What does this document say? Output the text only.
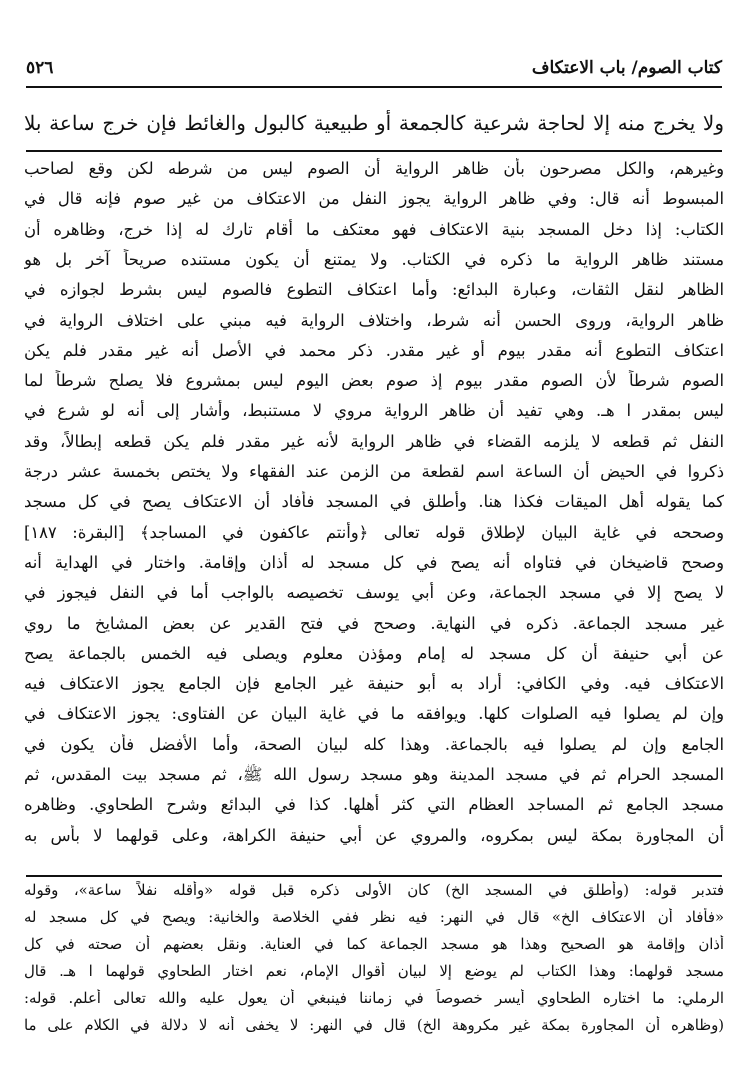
كتاب الصوم/ باب الاعتكاف
٥٢٦
ولا يخرج منه إلا لحاجة شرعية كالجمعة أو طبيعية كالبول والغائط فإن خرج ساعة بلا
وغيرهم، والكل مصرحون بأن ظاهر الرواية أن الصوم ليس من شرطه لكن وقع لصاحب
المبسوط أنه قال: وفي ظاهر الرواية يجوز النفل من الاعتكاف من غير صوم فإنه قال في
الكتاب: إذا دخل المسجد بنية الاعتكاف فهو معتكف ما أقام تارك له إذا خرج، وظاهره أن
مستند ظاهر الرواية ما ذكره في الكتاب. ولا يمتنع أن يكون مستنده صريحاً آخر بل هو
الظاهر لنقل الثقات، وعبارة البدائع: وأما اعتكاف التطوع فالصوم ليس بشرط لجوازه في
ظاهر الرواية، وروى الحسن أنه شرط، واختلاف الرواية فيه مبني على اختلاف الرواية في
اعتكاف التطوع أنه مقدر بيوم أو غير مقدر. ذكر محمد في الأصل أنه غير مقدر فلم يكن
الصوم شرطاً لأن الصوم مقدر بيوم إذ صوم بعض اليوم ليس بمشروع فلا يصلح شرطاً لما
ليس بمقدر ا هـ. وهي تفيد أن ظاهر الرواية مروي لا مستنبط، وأشار إلى أنه لو شرع في
النفل ثم قطعه لا يلزمه القضاء في ظاهر الرواية لأنه غير مقدر فلم يكن قطعه إبطالاً، وقد
ذكروا في الحيض أن الساعة اسم لقطعة من الزمن عند الفقهاء ولا يختص بخمسة عشر درجة
كما يقوله أهل الميقات فكذا هنا. وأطلق في المسجد فأفاد أن الاعتكاف يصح في كل مسجد
وصححه في غاية البيان لإطلاق قوله تعالى ﴿وأنتم عاكفون في المساجد﴾ [البقرة: ١٨٧]
وصحح قاضيخان في فتاواه أنه يصح في كل مسجد له أذان وإقامة. واختار في الهداية أنه
لا يصح إلا في مسجد الجماعة، وعن أبي يوسف تخصيصه بالواجب أما في النفل فيجوز في
غير مسجد الجماعة. ذكره في النهاية. وصحح في فتح القدير عن بعض المشايخ ما روي
عن أبي حنيفة أن كل مسجد له إمام ومؤذن معلوم ويصلى فيه الخمس بالجماعة يصح
الاعتكاف فيه. وفي الكافي: أراد به أبو حنيفة غير الجامع فإن الجامع يجوز الاعتكاف فيه
وإن لم يصلوا فيه الصلوات كلها. ويوافقه ما في غاية البيان عن الفتاوى: يجوز الاعتكاف في
الجامع وإن لم يصلوا فيه بالجماعة. وهذا كله لبيان الصحة، وأما الأفضل فأن يكون في
المسجد الحرام ثم في مسجد المدينة وهو مسجد رسول الله ﷺ، ثم مسجد بيت المقدس، ثم
مسجد الجامع ثم المساجد العظام التي كثر أهلها. كذا في البدائع وشرح الطحاوي. وظاهره
أن المجاورة بمكة ليس بمكروه، والمروي عن أبي حنيفة الكراهة، وعلى قولهما لا بأس به
فتدبر قوله: (وأطلق في المسجد الخ) كان الأولى ذكره قبل قوله «وأقله نفلاً ساعة»، وقوله
«فأفاد أن الاعتكاف الخ» قال في النهر: فيه نظر ففي الخلاصة والخانية: ويصح في كل مسجد له
أذان وإقامة هو الصحيح وهذا هو مسجد الجماعة كما في العناية. ونقل بعضهم أن صحته في كل
مسجد قولهما: وهذا الكتاب لم يوضع إلا لبيان أقوال الإمام، نعم اختار الطحاوي قولهما ا هـ. قال
الرملي: ما اختاره الطحاوي أيسر خصوصاً في زماننا فينبغي أن يعول عليه والله تعالى أعلم. قوله:
(وظاهره أن المجاورة بمكة غير مكروهة الخ) قال في النهر: لا يخفى أنه لا دلالة في الكلام على ما
